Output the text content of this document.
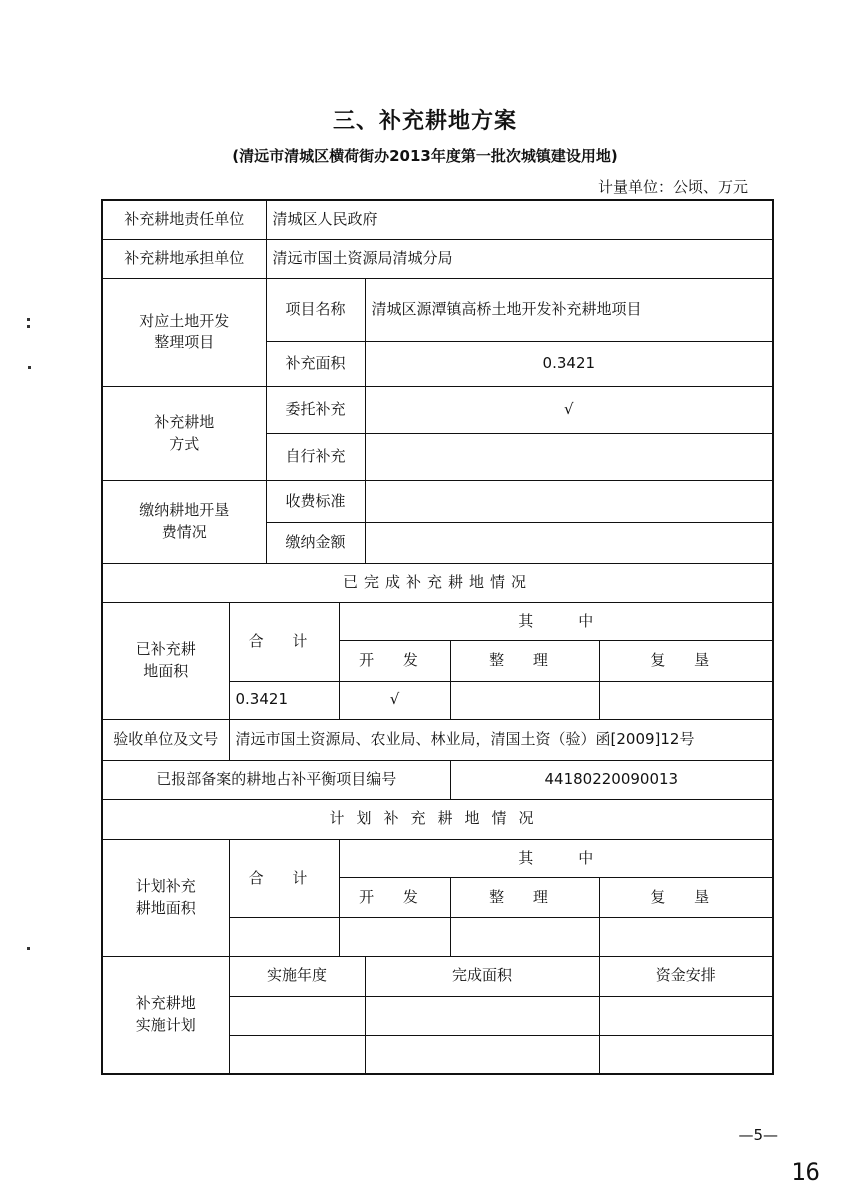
三、补充耕地方案
(清远市清城区横荷街办2013年度第一批次城镇建设用地)
计量单位：公顷、万元
补充耕地责任单位		清城区人民政府				
补充耕地承担单位		清远市国土资源局清城分局				

对应土地开发整理项目		项目名称		清城区源潭镇高桥土地开发补充耕地项目		
		补充面积		0.3421		

补充耕地方式		委托补充		√		
		自行补充				

缴纳耕地开垦费情况		收费标准				
		缴纳金额				
已完成补充耕地情况						

已补充耕地面积	合 计		其　　　中			
			开 发		整 理	复 垦
	0.3421		√			
验收单位及文号	清远市国土资源局、农业局、林业局，清国土资（验）函[2009]12号					
已报部备案的耕地占补平衡项目编号					44180220090013	
计划补充耕地情况						

计划补充耕地面积	合 计		其　　　中			
			开 发		整 理	复 垦

补充耕地实施计划	实施年度			完成面积		资金安排

—5—
16
